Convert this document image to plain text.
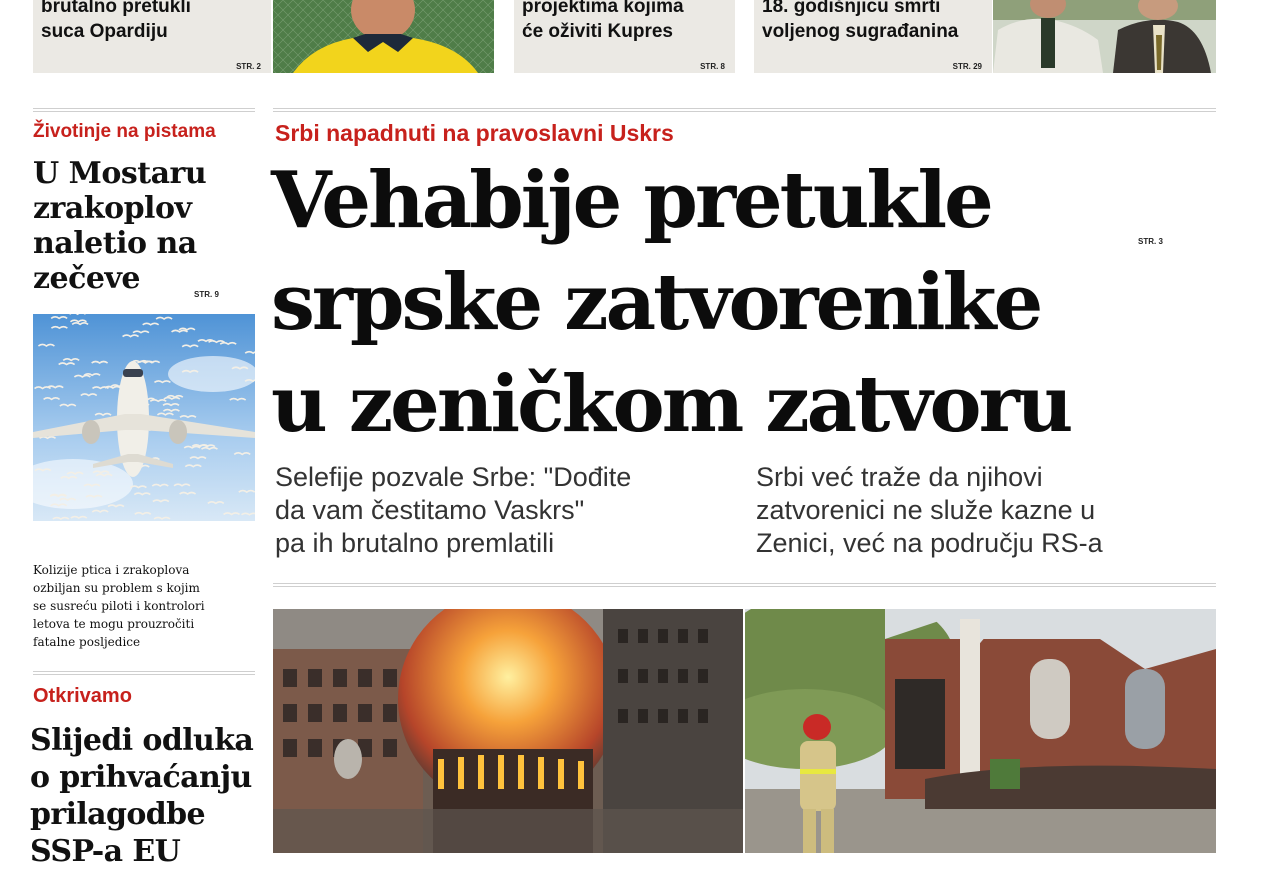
brutalno pretukli
suca Opardiju
STR. 2
projektima kojima
će oživiti Kupres
STR. 8
18. godišnjicu smrti
voljenog sugrađanina
STR. 29
Životinje na pistama
U Mostaru
zrakoplov
naletio na
zečeve	STR. 9
Kolizije ptica i zrakoplova
ozbiljan su problem s kojim
se susreću piloti i kontrolori
letova te mogu prouzročiti
fatalne posljedice
Otkrivamo
Slijedi odluka
o prihvaćanju
prilagodbe
SSP-a EU
Srbi napadnuti na pravoslavni Uskrs
Vehabije pretukle
srpske zatvorenike
u zeničkom zatvoru
STR. 3
Selefije pozvale Srbe: "Dođite
da vam čestitamo Vaskrs"
pa ih brutalno premlatili
Srbi već traže da njihovi
zatvorenici ne služe kazne u
Zenici, već na području RS-a
